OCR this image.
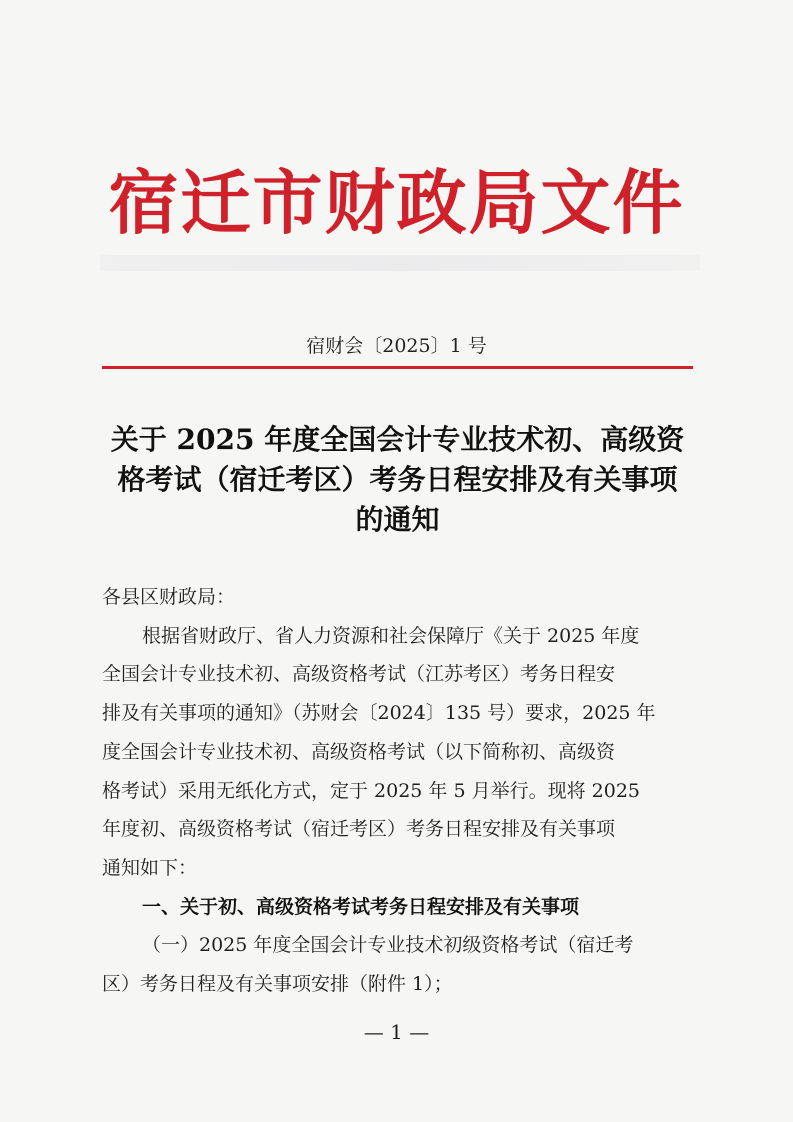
宿迁市财政局文件
宿财会〔2025〕1 号
关于 2025 年度全国会计专业技术初、高级资
格考试（宿迁考区）考务日程安排及有关事项
的通知
各县区财政局：
根据省财政厅、省人力资源和社会保障厅《关于 2025 年度
全国会计专业技术初、高级资格考试（江苏考区）考务日程安
排及有关事项的通知》（苏财会〔2024〕135 号）要求，2025 年
度全国会计专业技术初、高级资格考试（以下简称初、高级资
格考试）采用无纸化方式，定于 2025 年 5 月举行。现将 2025
年度初、高级资格考试（宿迁考区）考务日程安排及有关事项
通知如下：
一、关于初、高级资格考试考务日程安排及有关事项
（一）2025 年度全国会计专业技术初级资格考试（宿迁考
区）考务日程及有关事项安排（附件 1）；
— 1 —
